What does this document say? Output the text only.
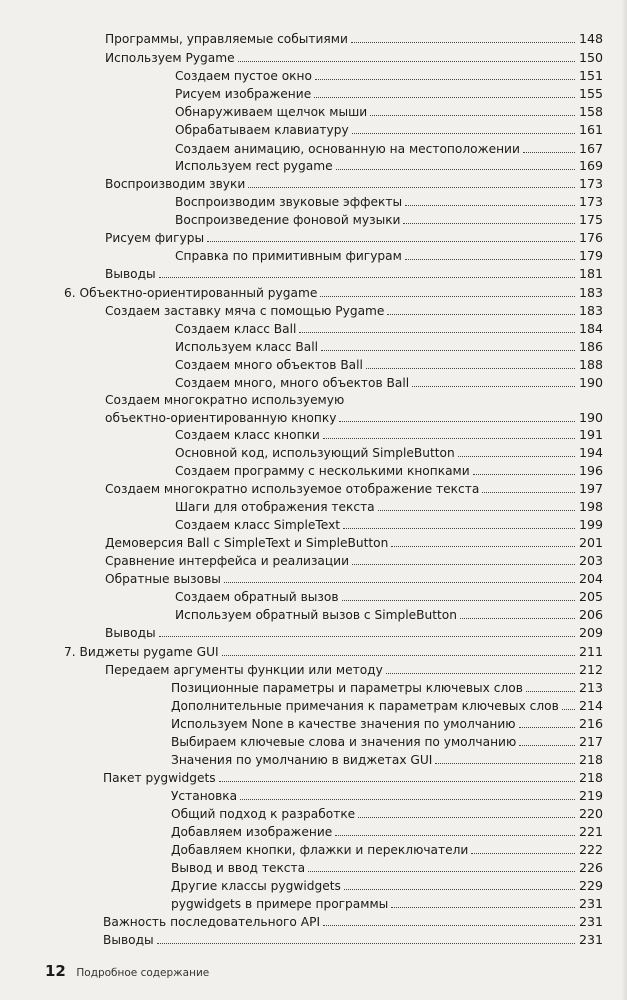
Программы, управляемые событиями	148
Используем Pygame	150
Создаем пустое окно	151
Рисуем изображение	155
Обнаруживаем щелчок мыши	158
Обрабатываем клавиатуру	161
Создаем анимацию, основанную на местоположении	167
Используем rect pygame	169
Воспроизводим звуки	173
Воспроизводим звуковые эффекты	173
Воспроизведение фоновой музыки	175
Рисуем фигуры	176
Справка по примитивным фигурам	179
Выводы	181
6. Объектно-ориентированный pygame	183
Создаем заставку мяча с помощью Pygame	183
Создаем класс Ball	184
Используем класс Ball	186
Создаем много объектов Ball	188
Создаем много, много объектов Ball	190
Создаем многократно используемую
объектно-ориентированную кнопку	190
Создаем класс кнопки	191
Основной код, использующий SimpleButton	194
Создаем программу с несколькими кнопками	196
Создаем многократно используемое отображение текста	197
Шаги для отображения текста	198
Создаем класс SimpleText	199
Демоверсия Ball с SimpleText и SimpleButton	201
Сравнение интерфейса и реализации	203
Обратные вызовы	204
Создаем обратный вызов	205
Используем обратный вызов с SimpleButton	206
Выводы	209
7. Виджеты pygame GUI	211
Передаем аргументы функции или методу	212
Позиционные параметры и параметры ключевых слов	213
Дополнительные примечания к параметрам ключевых слов 214
Используем None в качестве значения по умолчанию	216
Выбираем ключевые слова и значения по умолчанию	217
Значения по умолчанию в виджетах GUI	218
Пакет pygwidgets	218
Установка	219
Общий подход к разработке	220
Добавляем изображение	221
Добавляем кнопки, флажки и переключатели	222
Вывод и ввод текста	226
Другие классы pygwidgets	229
pygwidgets в примере программы	231
Важность последовательного API	231
Выводы	231
12 Подробное содержание
